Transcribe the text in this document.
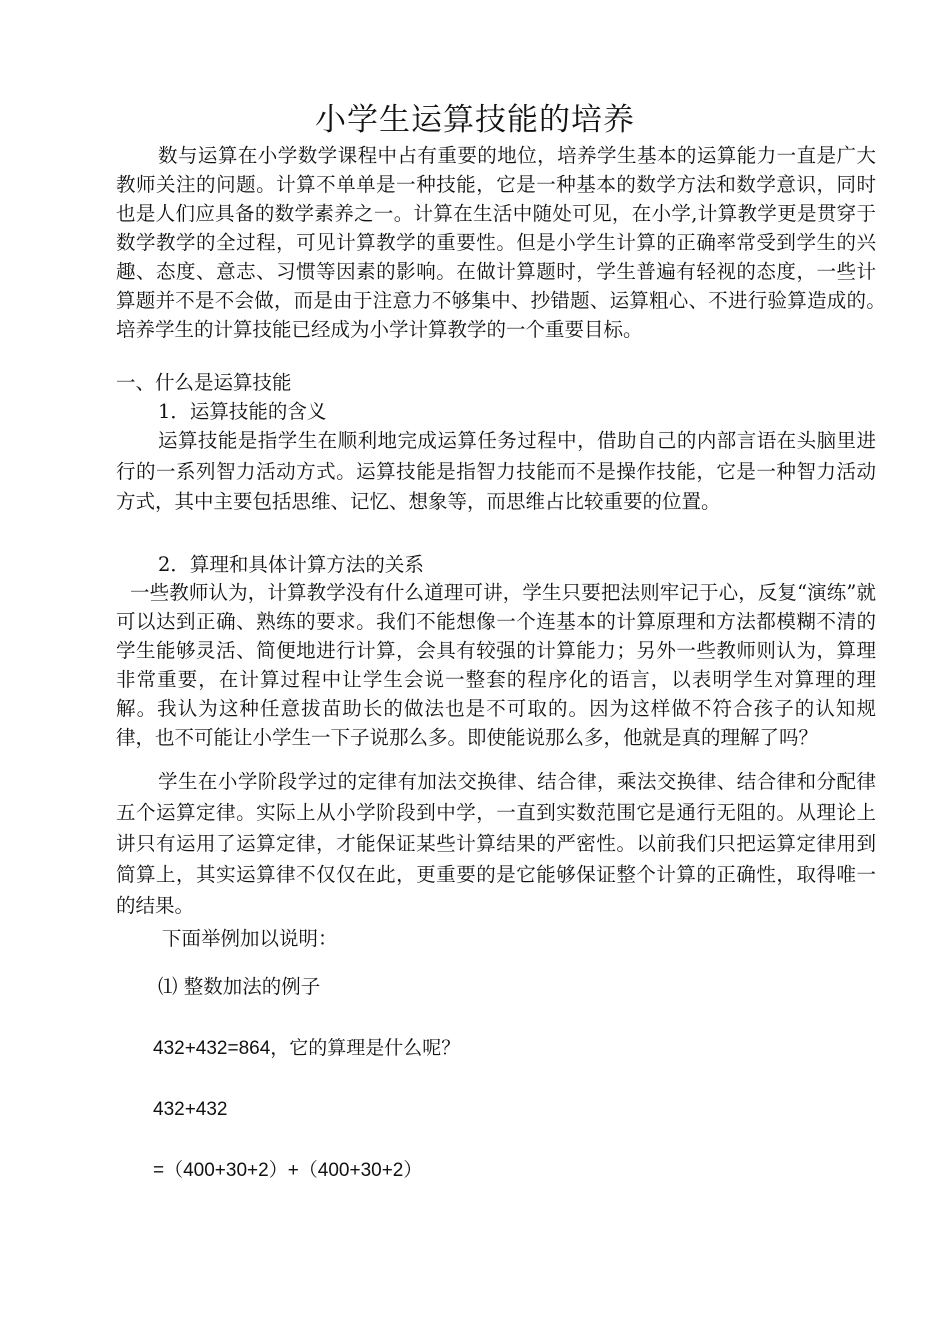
小学生运算技能的培养

数与运算在小学数学课程中占有重要的地位，培养学生基本的运算能力一直是广大教师关注的问题。计算不单单是一种技能，它是一种基本的数学方法和数学意识，同时也是人们应具备的数学素养之一。计算在生活中随处可见，在小学,计算教学更是贯穿于数学教学的全过程，可见计算教学的重要性。但是小学生计算的正确率常受到学生的兴趣、态度、意志、习惯等因素的影响。在做计算题时，学生普遍有轻视的态度，一些计算题并不是不会做，而是由于注意力不够集中、抄错题、运算粗心、不进行验算造成的。　培养学生的计算技能已经成为小学计算教学的一个重要目标。

一、什么是运算技能

1．运算技能的含义

运算技能是指学生在顺利地完成运算任务过程中，借助自己的内部言语在头脑里进行的一系列智力活动方式。运算技能是指智力技能而不是操作技能，它是一种智力活动方式，其中主要包括思维、记忆、想象等，而思维占比较重要的位置。

2．算理和具体计算方法的关系

一些教师认为，计算教学没有什么道理可讲，学生只要把法则牢记于心，反复“演练”就可以达到正确、熟练的要求。我们不能想像一个连基本的计算原理和方法都模糊不清的学生能够灵活、简便地进行计算，会具有较强的计算能力；另外一些教师则认为，算理非常重要，在计算过程中让学生会说一整套的程序化的语言，以表明学生对算理的理解。我认为这种任意拔苗助长的做法也是不可取的。因为这样做不符合孩子的认知规律，也不可能让小学生一下子说那么多。即使能说那么多，他就是真的理解了吗？

学生在小学阶段学过的定律有加法交换律、结合律，乘法交换律、结合律和分配律五个运算定律。实际上从小学阶段到中学，一直到实数范围它是通行无阻的。从理论上讲只有运用了运算定律，才能保证某些计算结果的严密性。以前我们只把运算定律用到简算上，其实运算律不仅仅在此，更重要的是它能够保证整个计算的正确性，取得唯一的结果。

下面举例加以说明：

⑴ 整数加法的例子

432+432=864，它的算理是什么呢？

432+432

=（400+30+2）+（400+30+2）
